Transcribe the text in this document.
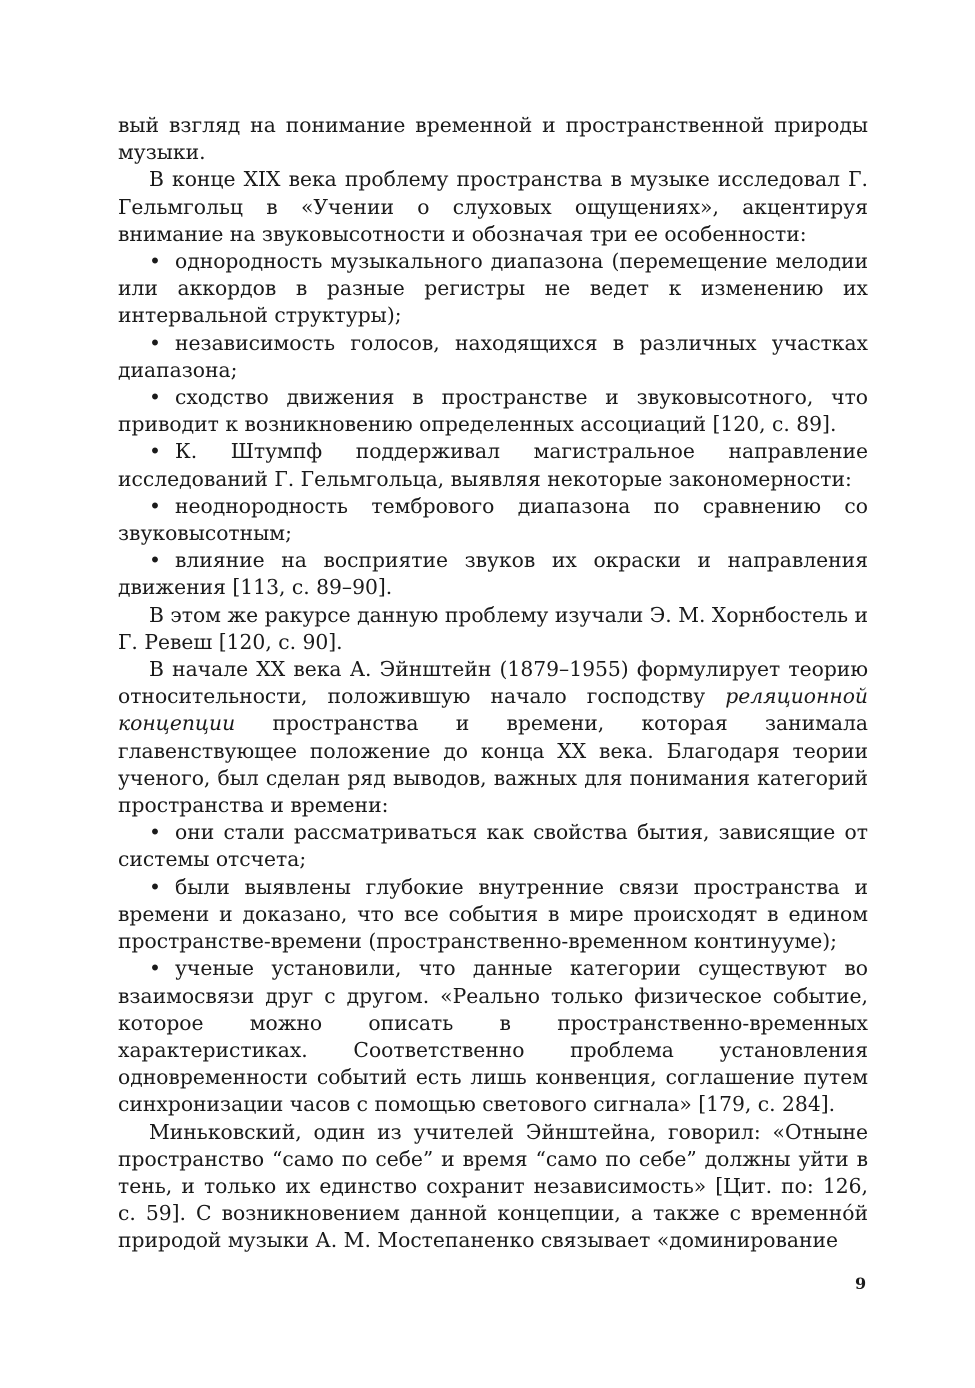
вый взгляд на понимание временной и пространственной природы музыки.

В конце XIX века проблему пространства в музыке исследовал Г. Гельмгольц в «Учении о слуховых ощущениях», акцентируя внимание на звуковысотности и обозначая три ее особенности:

• однородность музыкального диапазона (перемещение мелодии или аккордов в разные регистры не ведет к изменению их интервальной структуры);

• независимость голосов, находящихся в различных участках диапазона;

• сходство движения в пространстве и звуковысотного, что приводит к возникновению определенных ассоциаций [120, с. 89].

• К. Штумпф поддерживал магистральное направление исследований Г. Гельмгольца, выявляя некоторые закономерности:

• неоднородность тембрового диапазона по сравнению со звуковысотным;

• влияние на восприятие звуков их окраски и направления движения [113, с. 89–90].

В этом же ракурсе данную проблему изучали Э. М. Хорнбостель и Г. Ревеш [120, с. 90].

В начале XX века А. Эйнштейн (1879–1955) формулирует теорию относительности, положившую начало господству реляционной концепции пространства и времени, которая занимала главенствующее положение до конца XX века. Благодаря теории ученого, был сделан ряд выводов, важных для понимания категорий пространства и времени:

• они стали рассматриваться как свойства бытия, зависящие от системы отсчета;

• были выявлены глубокие внутренние связи пространства и времени и доказано, что все события в мире происходят в едином пространстве-времени (пространственно-временном континууме);

• ученые установили, что данные категории существуют во взаимосвязи друг с другом. «Реально только физическое событие, которое можно описать в пространственно-временных характеристиках. Соответственно проблема установления одновременности событий есть лишь конвенция, соглашение путем синхронизации часов с помощью светового сигнала» [179, с. 284].

Миньковский, один из учителей Эйнштейна, говорил: «Отныне пространство “само по себе” и время “само по себе” должны уйти в тень, и только их единство сохранит независимость» [Цит. по: 126, с. 59]. С возникновением данной концепции, а также с временно́й природой музыки А. М. Мостепаненко связывает «доминирование

9
